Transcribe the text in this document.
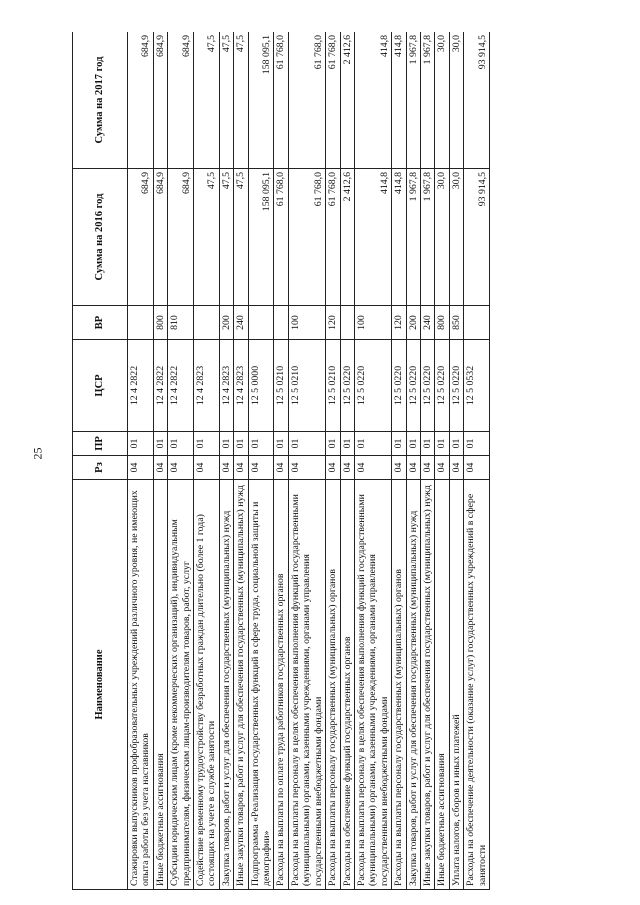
25
Наименование	Рз	ПР	ЦСР	ВР	Сумма на 2016 год	Сумма на 2017 год
Стажировки выпускников профобразовательных учреждений различного уровня, не имеющих опыта работы без учета наставников	04	01	12 4 2822		684,9	684,9
Иные бюджетные ассигнования	04	01	12 4 2822	800	684,9	684,9
Субсидии юридическим лицам (кроме некоммерческих организаций), индивидуальным предпринимателям, физическим лицам-производителям товаров, работ, услуг	04	01	12 4 2822	810	684,9	684,9
Содействие временному трудоустройству безработных граждан длительно (более 1 года) состоящих на учете в службе занятости	04	01	12 4 2823		47,5	47,5
Закупка товаров, работ и услуг для обеспечения государственных (муниципальных) нужд	04	01	12 4 2823	200	47,5	47,5
Иные закупки товаров, работ и услуг для обеспечения государственных (муниципальных) нужд	04	01	12 4 2823	240	47,5	47,5
Подпрограмма «Реализация государственных функций в сфере труда, социальной защиты и демографии»	04	01	12 5 0000		158 095,1	158 095,1
Расходы на выплаты по оплате труда работников государственных органов	04	01	12 5 0210		61 768,0	61 768,0
Расходы на выплаты персоналу в целях обеспечения выполнения функций государственными (муниципальными) органами, казенными учреждениями, органами управления государственными внебюджетными фондами	04	01	12 5 0210	100	61 768,0	61 768,0
Расходы на выплаты персоналу государственных (муниципальных) органов	04	01	12 5 0210	120	61 768,0	61 768,0
Расходы на обеспечение функций государственных органов	04	01	12 5 0220		2 412,6	2 412,6
Расходы на выплаты персоналу в целях обеспечения выполнения функций государственными (муниципальными) органами, казенными учреждениями, органами управления государственными внебюджетными фондами	04	01	12 5 0220	100	414,8	414,8
Расходы на выплаты персоналу государственных (муниципальных) органов	04	01	12 5 0220	120	414,8	414,8
Закупка товаров, работ и услуг для обеспечения государственных (муниципальных) нужд	04	01	12 5 0220	200	1 967,8	1 967,8
Иные закупки товаров, работ и услуг для обеспечения государственных (муниципальных) нужд	04	01	12 5 0220	240	1 967,8	1 967,8
Иные бюджетные ассигнования	04	01	12 5 0220	800	30,0	30,0
Уплата налогов, сборов и иных платежей	04	01	12 5 0220	850	30,0	30,0
Расходы на обеспечение деятельности (оказание услуг) государственных учреждений в сфере занятости	04	01	12 5 0532		93 914,5	93 914,5
